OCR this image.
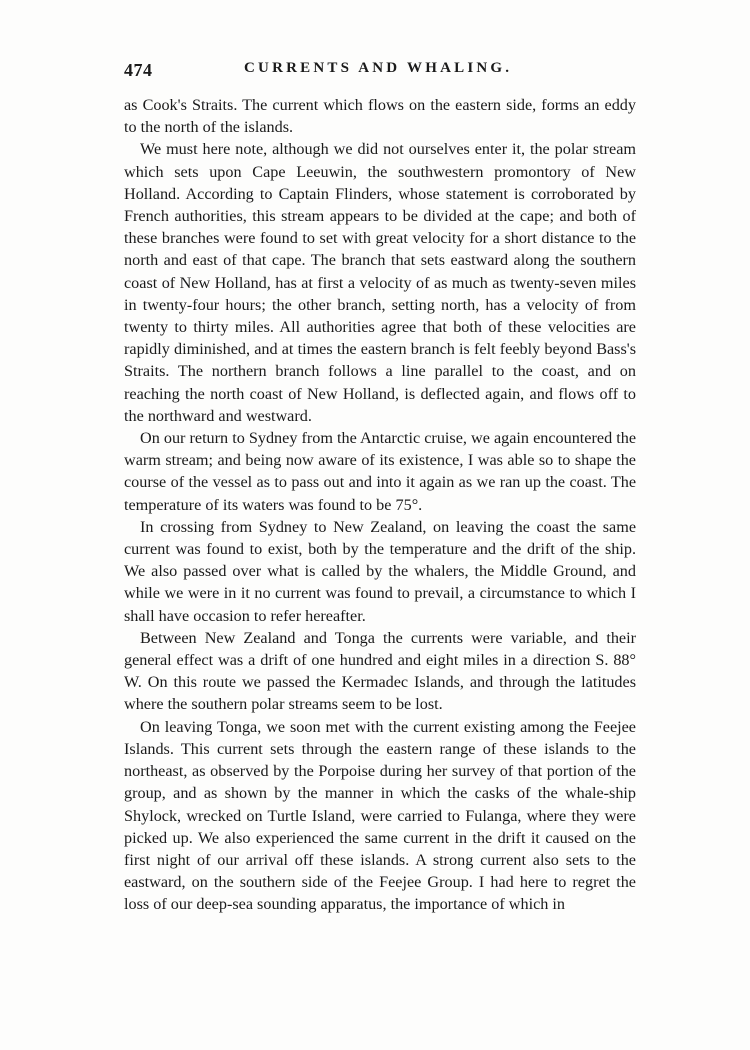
474	CURRENTS AND WHALING.

as Cook's Straits. The current which flows on the eastern side, forms an eddy to the north of the islands.

We must here note, although we did not ourselves enter it, the polar stream which sets upon Cape Leeuwin, the southwestern promontory of New Holland. According to Captain Flinders, whose statement is corroborated by French authorities, this stream appears to be divided at the cape; and both of these branches were found to set with great velocity for a short distance to the north and east of that cape. The branch that sets eastward along the southern coast of New Holland, has at first a velocity of as much as twenty-seven miles in twenty-four hours; the other branch, setting north, has a velocity of from twenty to thirty miles. All authorities agree that both of these velocities are rapidly diminished, and at times the eastern branch is felt feebly beyond Bass's Straits. The northern branch follows a line parallel to the coast, and on reaching the north coast of New Holland, is deflected again, and flows off to the northward and westward.

On our return to Sydney from the Antarctic cruise, we again encountered the warm stream; and being now aware of its existence, I was able so to shape the course of the vessel as to pass out and into it again as we ran up the coast. The temperature of its waters was found to be 75°.

In crossing from Sydney to New Zealand, on leaving the coast the same current was found to exist, both by the temperature and the drift of the ship. We also passed over what is called by the whalers, the Middle Ground, and while we were in it no current was found to prevail, a circumstance to which I shall have occasion to refer hereafter.

Between New Zealand and Tonga the currents were variable, and their general effect was a drift of one hundred and eight miles in a direction S. 88° W. On this route we passed the Kermadec Islands, and through the latitudes where the southern polar streams seem to be lost.

On leaving Tonga, we soon met with the current existing among the Feejee Islands. This current sets through the eastern range of these islands to the northeast, as observed by the Porpoise during her survey of that portion of the group, and as shown by the manner in which the casks of the whale-ship Shylock, wrecked on Turtle Island, were carried to Fulanga, where they were picked up. We also experienced the same current in the drift it caused on the first night of our arrival off these islands. A strong current also sets to the eastward, on the southern side of the Feejee Group. I had here to regret the loss of our deep-sea sounding apparatus, the importance of which in
